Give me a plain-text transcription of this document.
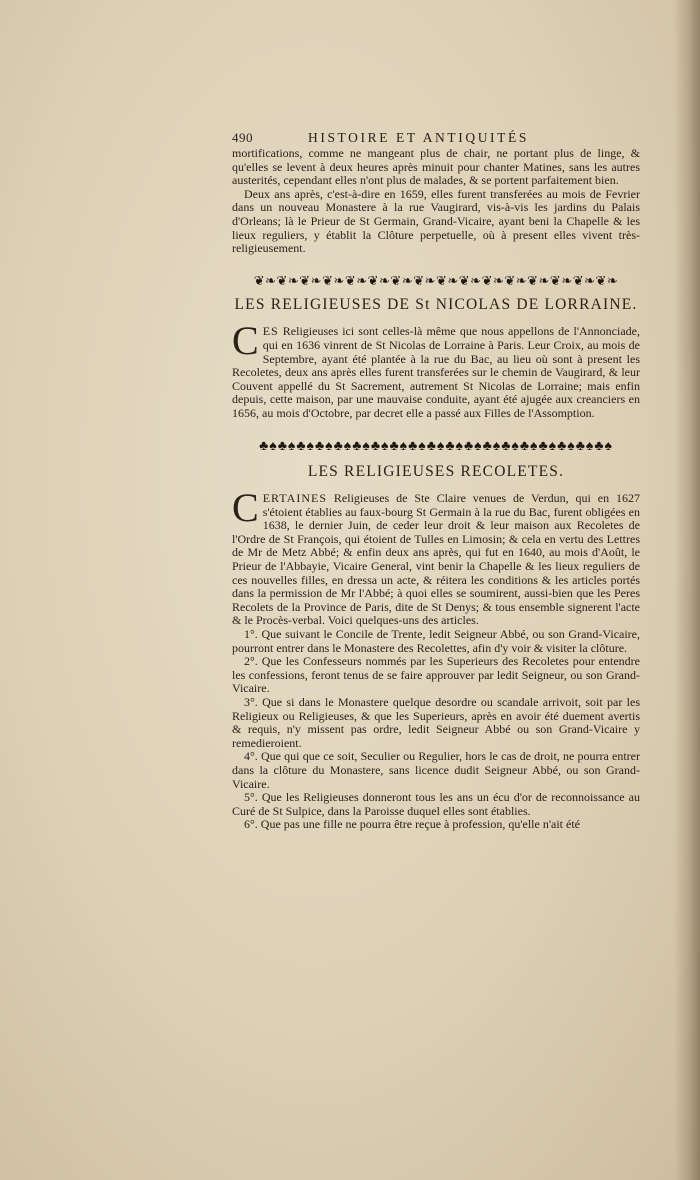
490	HISTOIRE ET ANTIQUITÉS

mortifications, comme ne mangeant plus de chair, ne portant plus de linge, & qu'elles se levent à deux heures après minuit pour chanter Matines, sans les autres austerités, cependant elles n'ont plus de malades, & se portent parfaitement bien.

Deux ans après, c'est-à-dire en 1659, elles furent transferées au mois de Fevrier dans un nouveau Monastere à la rue Vaugirard, vis-à-vis les jardins du Palais d'Orleans; là le Prieur de St Germain, Grand-Vicaire, ayant beni la Chapelle & les lieux reguliers, y établit la Clôture perpetuelle, où à present elles vivent très-religieusement.

❦❧❦❧❦❧❦❧❦❧❦❧❦❧❦❧❦❧❦❧❦❧❦❧❦❧❦❧❦❧❦❧
LES RELIGIEUSES DE St NICOLAS DE LORRAINE.

CES Religieuses ici sont celles-là même que nous appellons de l'Annonciade, qui en 1636 vinrent de St Nicolas de Lorraine à Paris. Leur Croix, au mois de Septembre, ayant été plantée à la rue du Bac, au lieu où sont à present les Recoletes, deux ans après elles furent transferées sur le chemin de Vaugirard, & leur Couvent appellé du St Sacrement, autrement St Nicolas de Lorraine; mais enfin depuis, cette maison, par une mauvaise conduite, ayant été ajugée aux creanciers en 1656, au mois d'Octobre, par decret elle a passé aux Filles de l'Assomption.

♣♠♣♠♣♠♣♠♣♠♣♠♣♠♣♠♣♠♣♠♣♠♣♠♣♠♣♠♣♠♣♠♣♠♣♠♣♠
LES RELIGIEUSES RECOLETES.

CERTAINES Religieuses de Ste Claire venues de Verdun, qui en 1627 s'étoient établies au faux-bourg St Germain à la rue du Bac, furent obligées en 1638, le dernier Juin, de ceder leur droit & leur maison aux Recoletes de l'Ordre de St François, qui étoient de Tulles en Limosin; & cela en vertu des Lettres de Mr de Metz Abbé; & enfin deux ans après, qui fut en 1640, au mois d'Août, le Prieur de l'Abbayie, Vicaire General, vint benir la Chapelle & les lieux reguliers de ces nouvelles filles, en dressa un acte, & réitera les conditions & les articles portés dans la permission de Mr l'Abbé; à quoi elles se soumirent, aussi-bien que les Peres Recolets de la Province de Paris, dite de St Denys; & tous ensemble signerent l'acte & le Procès-verbal. Voici quelques-uns des articles.

1°. Que suivant le Concile de Trente, ledit Seigneur Abbé, ou son Grand-Vicaire, pourront entrer dans le Monastere des Recolettes, afin d'y voir & visiter la clôture.

2°. Que les Confesseurs nommés par les Superieurs des Recoletes pour entendre les confessions, feront tenus de se faire approuver par ledit Seigneur, ou son Grand-Vicaire.

3°. Que si dans le Monastere quelque desordre ou scandale arrivoit, soit par les Religieux ou Religieuses, & que les Superieurs, après en avoir été duement avertis & requis, n'y missent pas ordre, ledit Seigneur Abbé ou son Grand-Vicaire y remedieroient.

4°. Que qui que ce soit, Seculier ou Regulier, hors le cas de droit, ne pourra entrer dans la clôture du Monastere, sans licence dudit Seigneur Abbé, ou son Grand-Vicaire.

5°. Que les Religieuses donneront tous les ans un écu d'or de reconnoissance au Curé de St Sulpice, dans la Paroisse duquel elles sont établies.

6°. Que pas une fille ne pourra être reçue à profession, qu'elle n'ait été
